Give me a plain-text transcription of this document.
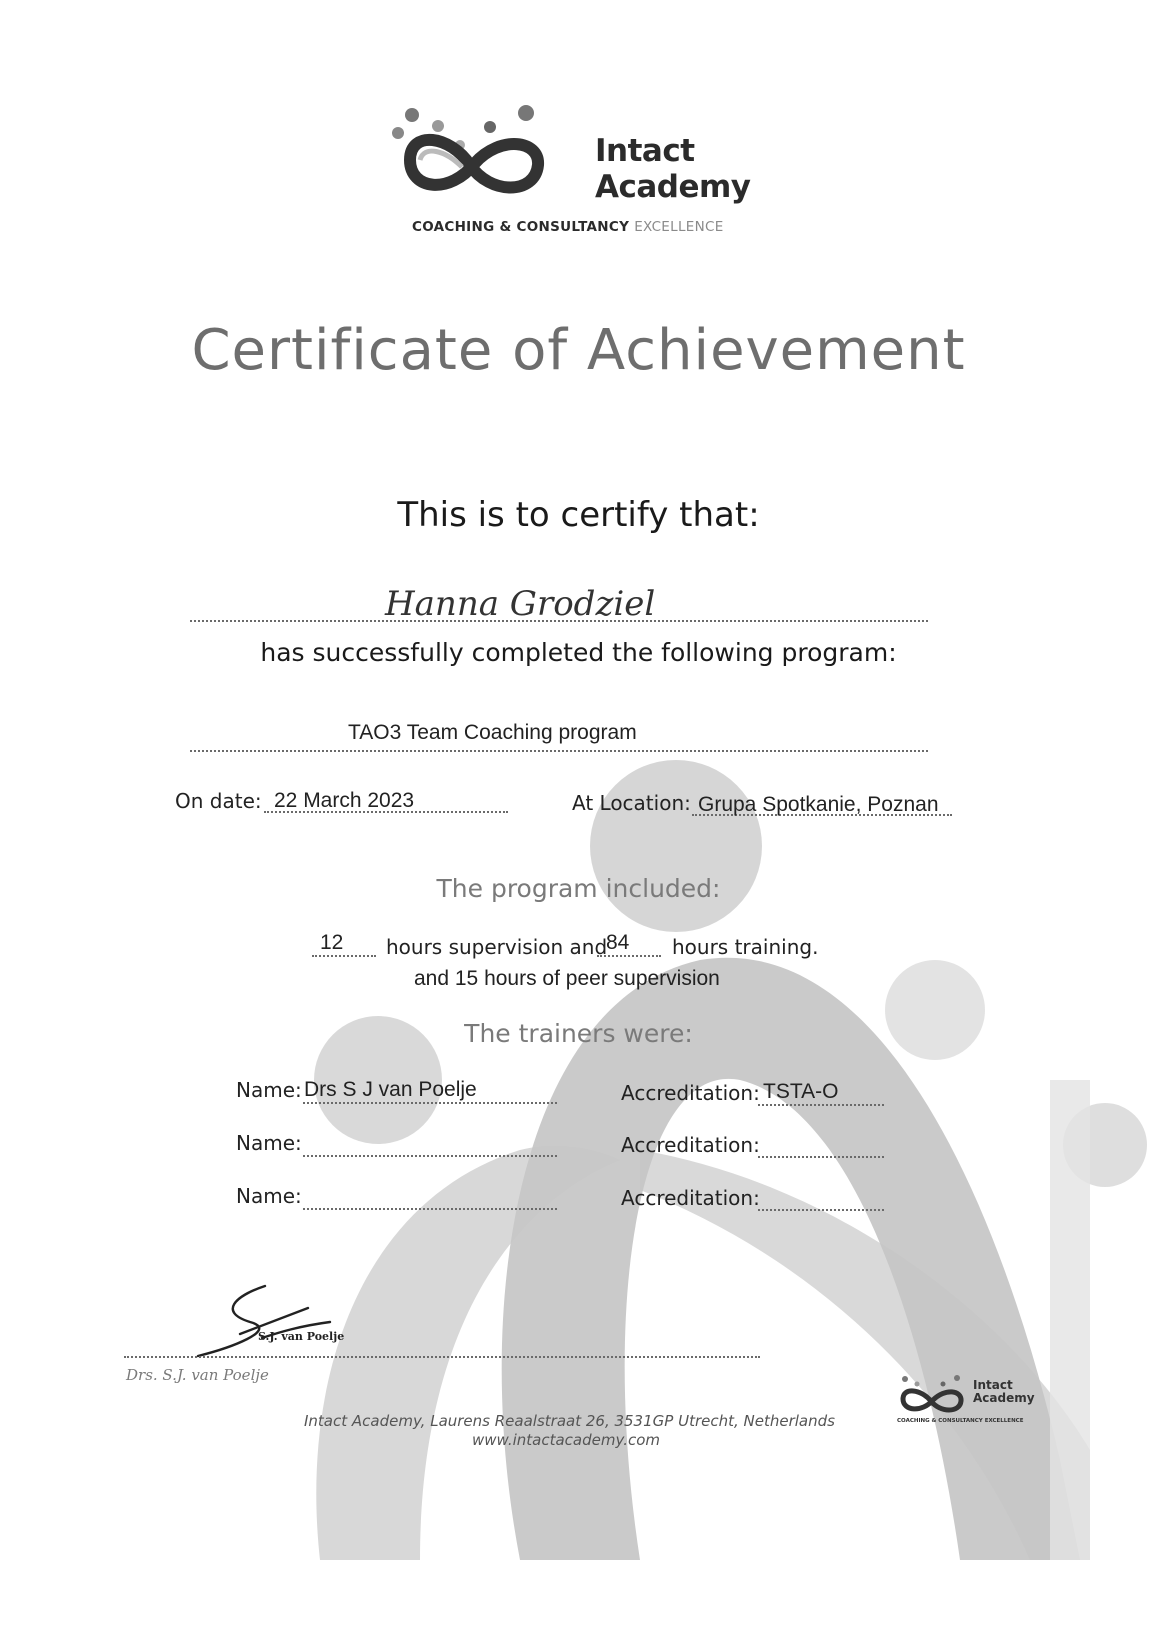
Intact
Academy
COACHING & CONSULTANCY EXCELLENCE
Certificate of Achievement
This is to certify that:
Hanna Grodziel
has successfully completed the following program:
TAO3 Team Coaching program
On date: 22 March 2023	At Location: Grupa Spotkanie, Poznan
The program included:
12 hours supervision and
84 hours training.
and 15 hours of peer supervision
The trainers were:
Name: Drs S J van Poelje	Accreditation: TSTA-O
Name:	Accreditation:
Name:	Accreditation:
S.J. van Poelje
Drs. S.J. van Poelje
Intact
Academy
COACHING & CONSULTANCY EXCELLENCE
Intact Academy, Laurens Reaalstraat 26, 3531GP Utrecht, Netherlands
www.intactacademy.com
